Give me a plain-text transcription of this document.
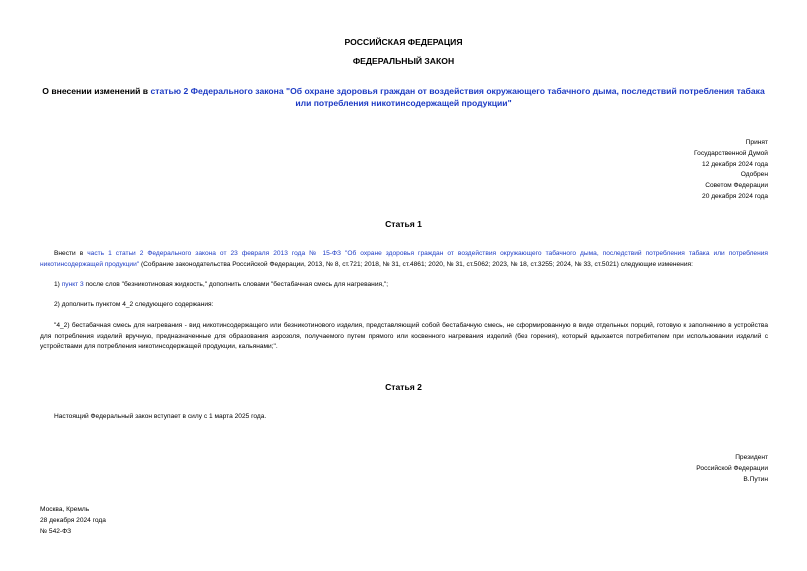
РОССИЙСКАЯ ФЕДЕРАЦИЯ
ФЕДЕРАЛЬНЫЙ ЗАКОН
О внесении изменений в статью 2 Федерального закона "Об охране здоровья граждан от воздействия окружающего табачного дыма, последствий потребления табака или потребления никотинсодержащей продукции"
Принят
Государственной Думой
12 декабря 2024 года
Одобрен
Советом Федерации
20 декабря 2024 года
Статья 1
Внести в часть 1 статьи 2 Федерального закона от 23 февраля 2013 года № 15-ФЗ "Об охране здоровья граждан от воздействия окружающего табачного дыма, последствий потребления табака или потребления никотинсодержащей продукции" (Собрание законодательства Российской Федерации, 2013, № 8, ст.721; 2018, № 31, ст.4861; 2020, № 31, ст.5062; 2023, № 18, ст.3255; 2024, № 33, ст.5021) следующие изменения:
1) пункт 3 после слов "безникотиновая жидкость," дополнить словами "бестабачная смесь для нагревания,";
2) дополнить пунктом 4_2 следующего содержания:
"4_2) бестабачная смесь для нагревания - вид никотинсодержащего или безникотинового изделия, представляющий собой бестабачную смесь, не сформированную в виде отдельных порций, готовую к заполнению в устройства для потребления изделий вручную, предназначенные для образования аэрозоля, получаемого путем прямого или косвенного нагревания изделий (без горения), который вдыхается потребителем при использовании изделий с устройствами для потребления никотинсодержащей продукции, кальянами;".
Статья 2
Настоящий Федеральный закон вступает в силу с 1 марта 2025 года.
Президент
Российской Федерации
В.Путин
Москва, Кремль
28 декабря 2024 года
№ 542-ФЗ
